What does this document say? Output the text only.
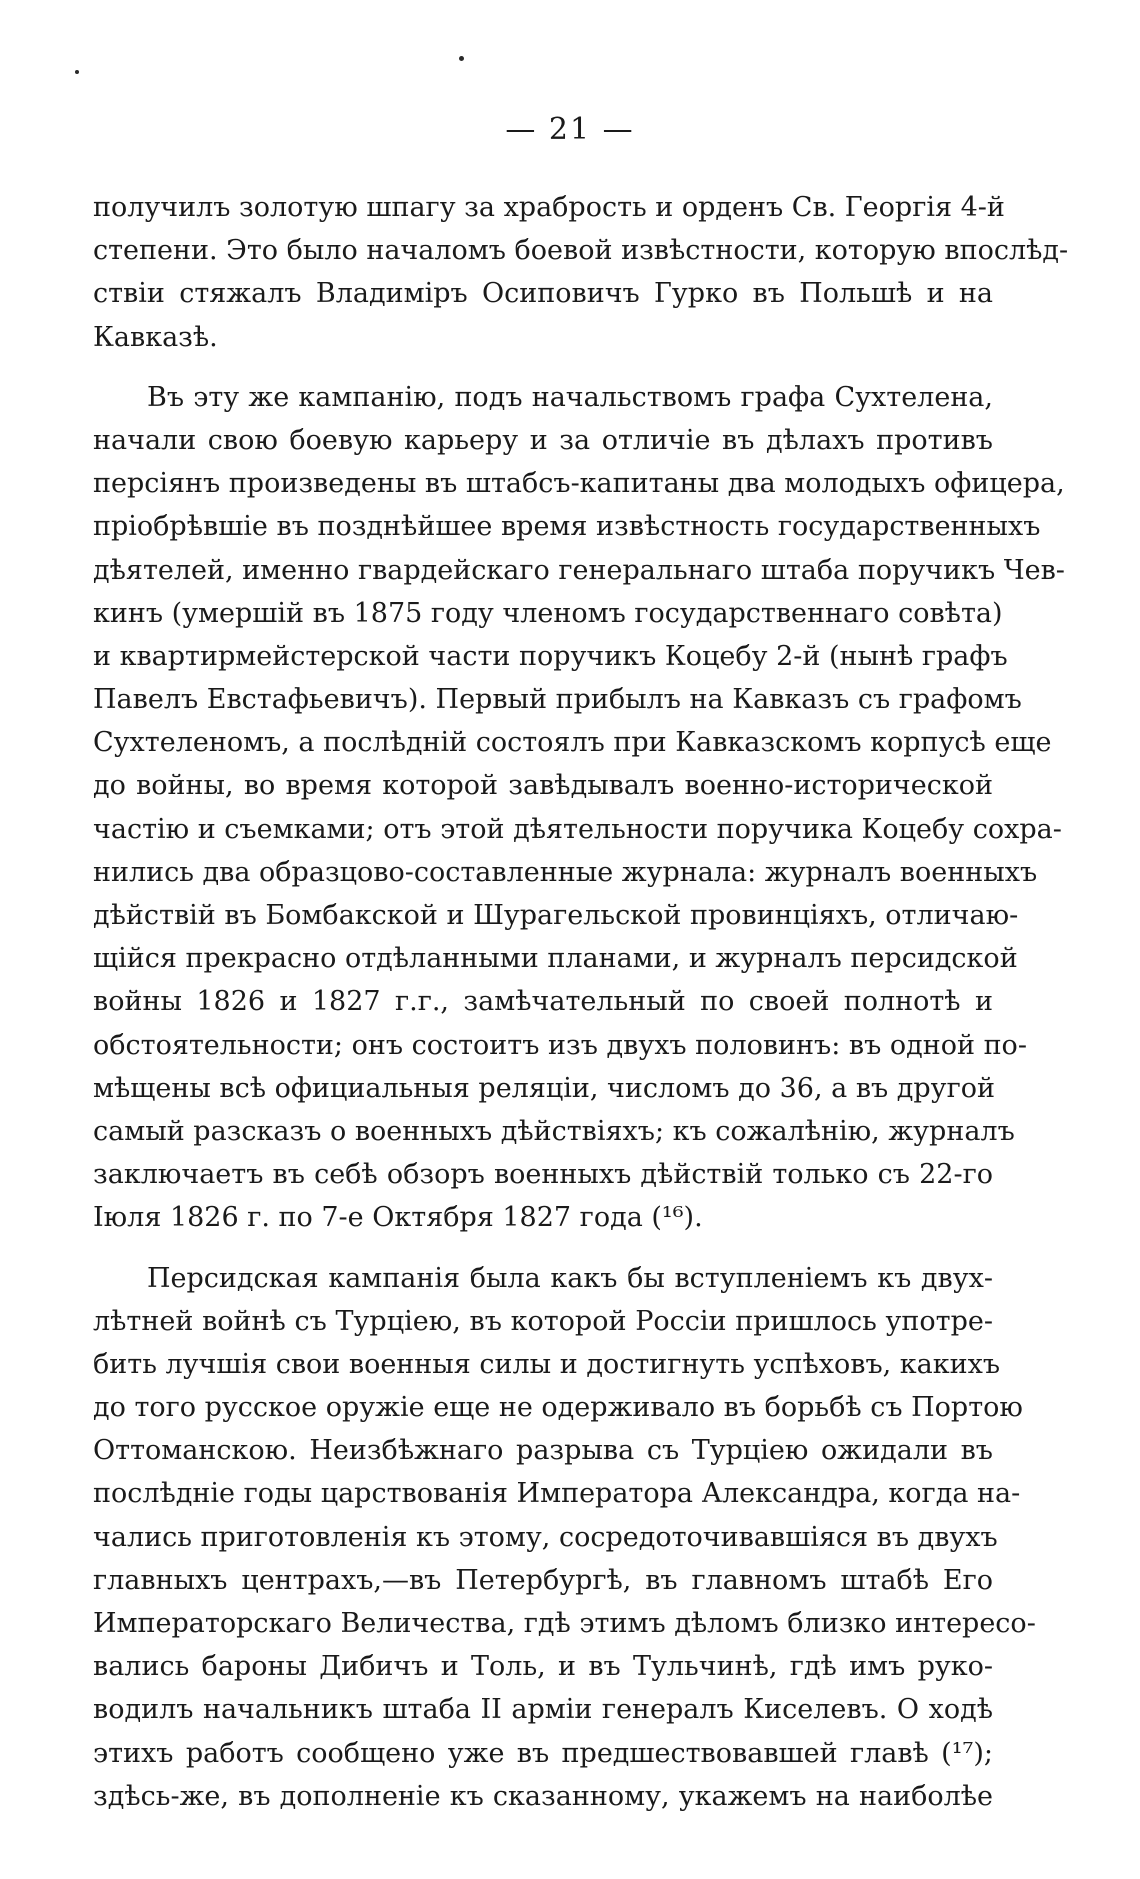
— 21 —
получилъ золотую шпагу за храбрость и орденъ Св. Георгія 4-й
степени. Это было началомъ боевой извѣстности, которую впослѣд-
ствіи стяжалъ Владиміръ Осиповичъ Гурко въ Польшѣ и на
Кавказѣ.
Въ эту же кампанію, подъ начальствомъ графа Сухтелена,
начали свою боевую карьеру и за отличіе въ дѣлахъ противъ
персіянъ произведены въ штабсъ-капитаны два молодыхъ офицера,
пріобрѣвшіе въ позднѣйшее время извѣстность государственныхъ
дѣятелей, именно гвардейскаго генеральнаго штаба поручикъ Чев-
кинъ (умершій въ 1875 году членомъ государственнаго совѣта)
и квартирмейстерской части поручикъ Коцебу 2-й (нынѣ графъ
Павелъ Евстафьевичъ). Первый прибылъ на Кавказъ съ графомъ
Сухтеленомъ, а послѣдній состоялъ при Кавказскомъ корпусѣ еще
до войны, во время которой завѣдывалъ военно-исторической
частію и съемками; отъ этой дѣятельности поручика Коцебу сохра-
нились два образцово-составленные журнала: журналъ военныхъ
дѣйствій въ Бомбакской и Шурагельской провинціяхъ, отличаю-
щійся прекрасно отдѣланными планами, и журналъ персидской
войны 1826 и 1827 г.г., замѣчательный по своей полнотѣ и
обстоятельности; онъ состоитъ изъ двухъ половинъ: въ одной по-
мѣщены всѣ официальныя реляціи, числомъ до 36, а въ другой
самый разсказъ о военныхъ дѣйствіяхъ; къ сожалѣнію, журналъ
заключаетъ въ себѣ обзоръ военныхъ дѣйствій только съ 22-го
Іюля 1826 г. по 7-е Октября 1827 года (¹⁶).
Персидская кампанія была какъ бы вступленіемъ къ двух-
лѣтней войнѣ съ Турціею, въ которой Россіи пришлось употре-
бить лучшія свои военныя силы и достигнуть успѣховъ, какихъ
до того русское оружіе еще не одерживало въ борьбѣ съ Портою
Оттоманскою. Неизбѣжнаго разрыва съ Турціею ожидали въ
послѣдніе годы царствованія Императора Александра, когда на-
чались приготовленія къ этому, сосредоточивавшіяся въ двухъ
главныхъ центрахъ,—въ Петербургѣ, въ главномъ штабѣ Его
Императорскаго Величества, гдѣ этимъ дѣломъ близко интересо-
вались бароны Дибичъ и Толь, и въ Тульчинѣ, гдѣ имъ руко-
водилъ начальникъ штаба II арміи генералъ Киселевъ. О ходѣ
этихъ работъ сообщено уже въ предшествовавшей главѣ (¹⁷);
здѣсь-же, въ дополненіе къ сказанному, укажемъ на наиболѣе
